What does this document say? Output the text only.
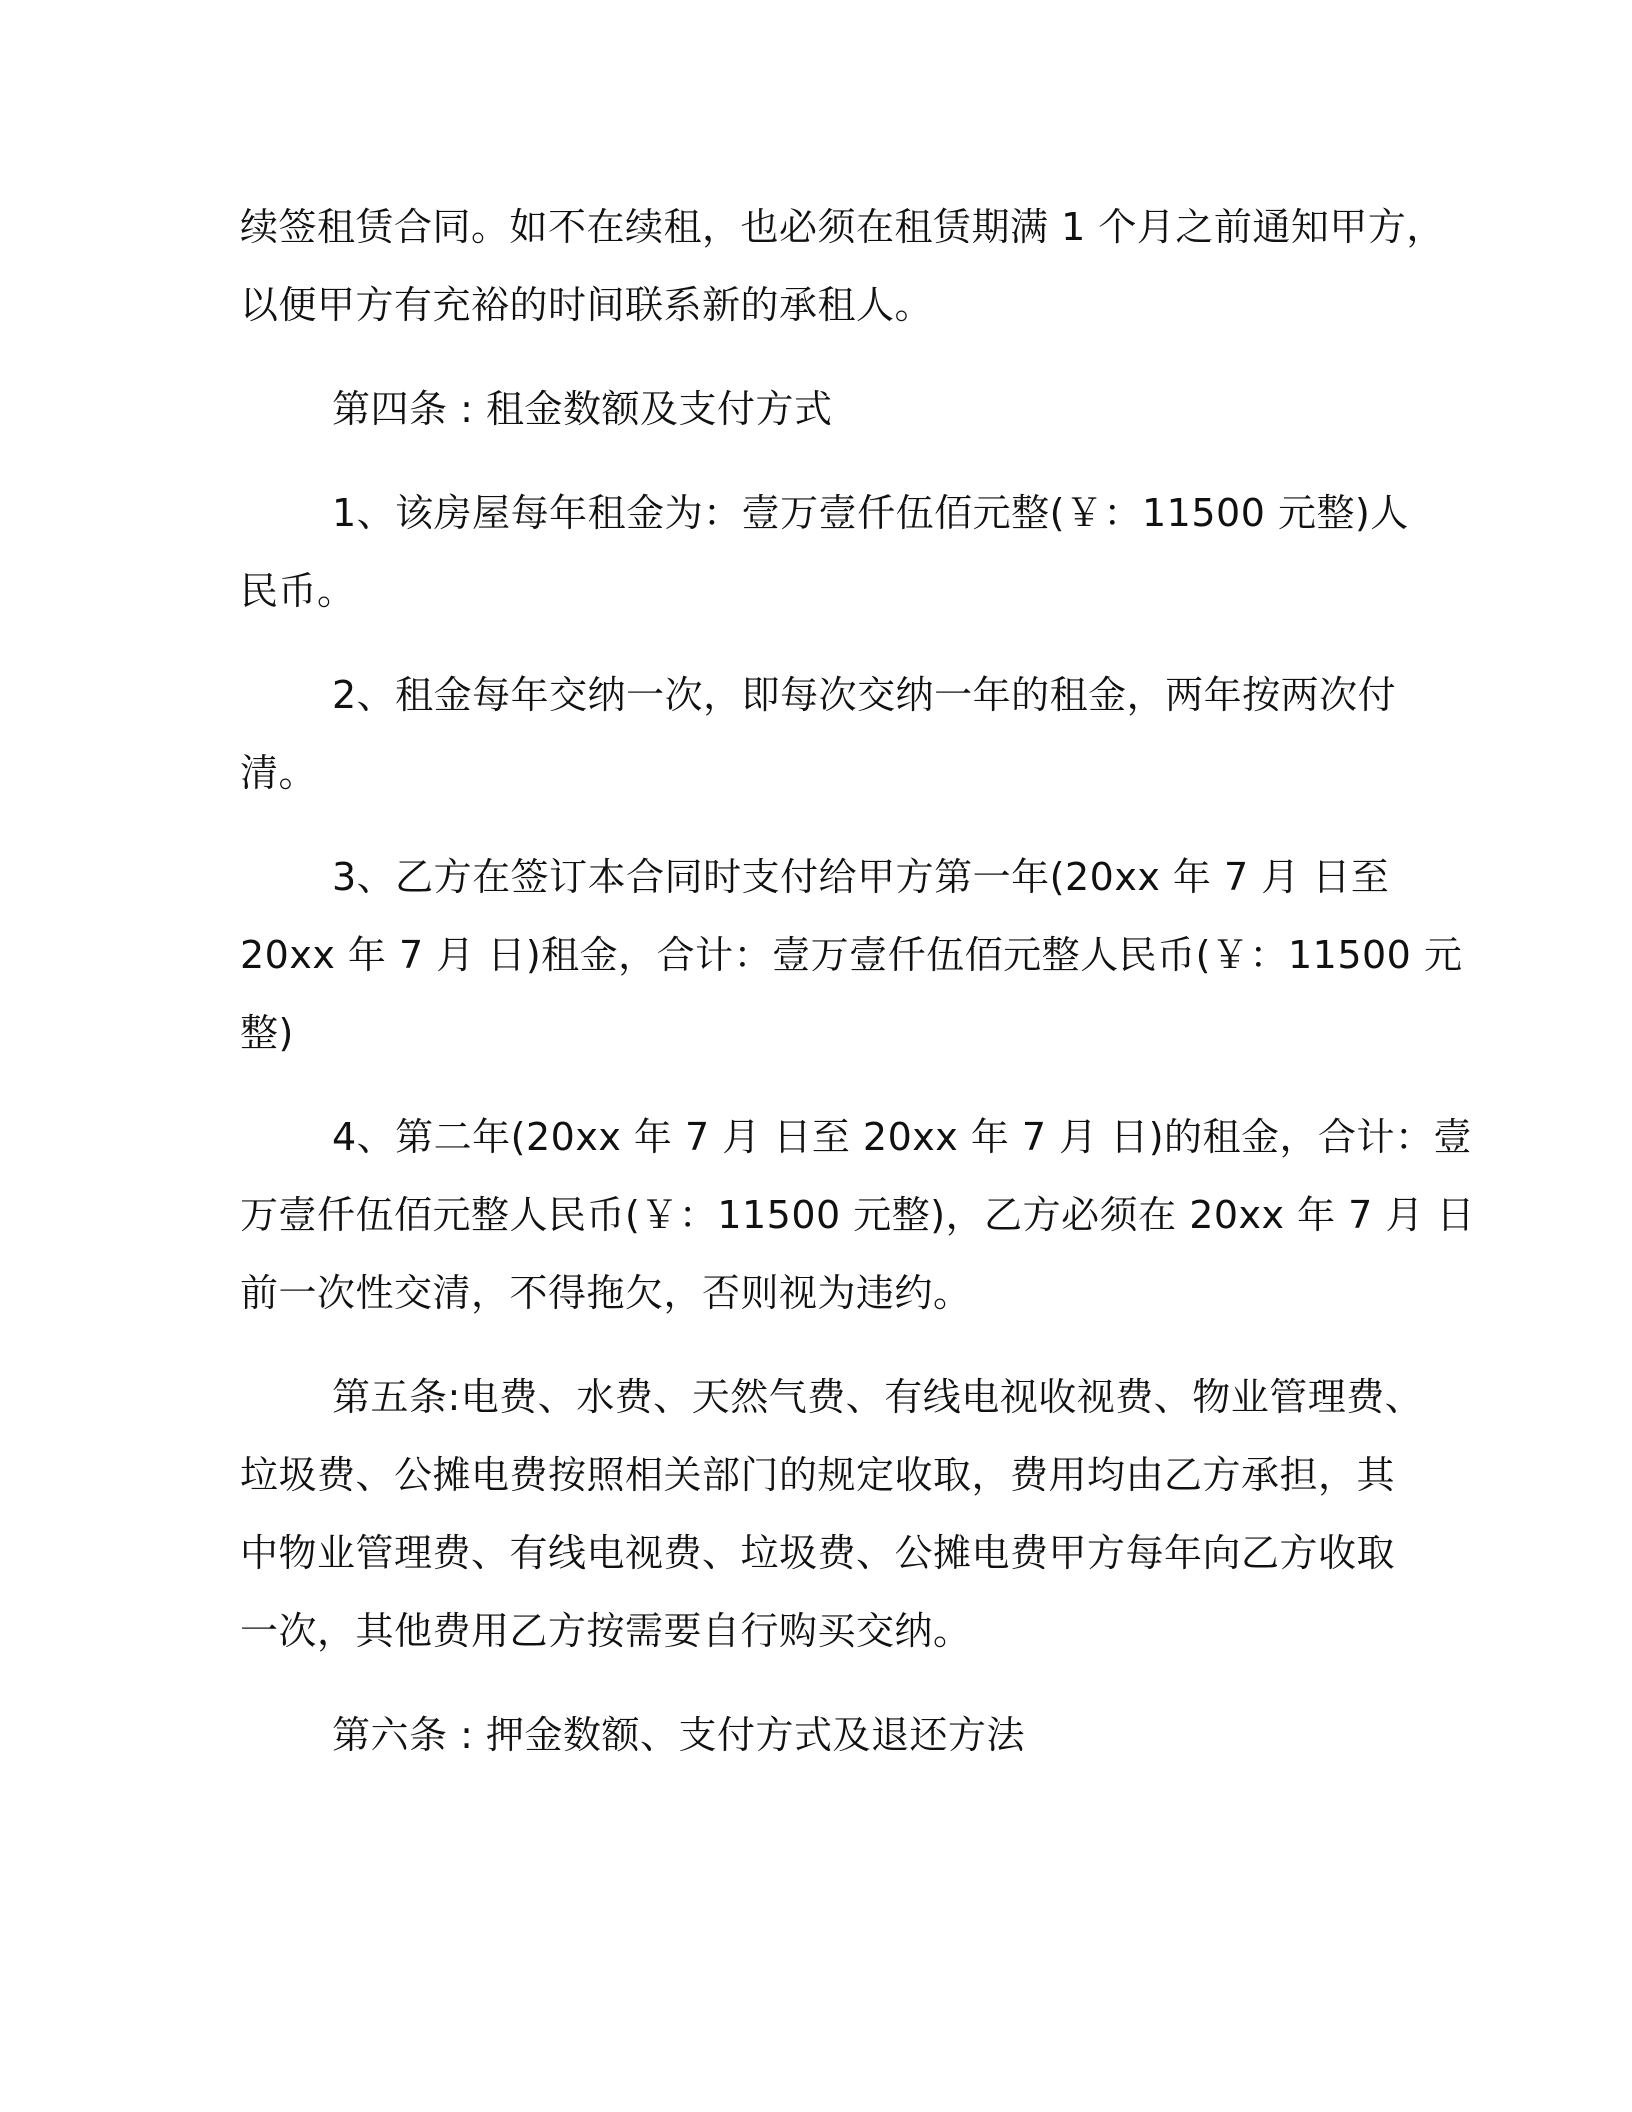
续签租赁合同。如不在续租，也必须在租赁期满 1 个月之前通知甲方，
以便甲方有充裕的时间联系新的承租人。
第四条 : 租金数额及支付方式
1、该房屋每年租金为：壹万壹仟伍佰元整(￥：11500 元整)人
民币。
2、租金每年交纳一次，即每次交纳一年的租金，两年按两次付
清。
3、乙方在签订本合同时支付给甲方第一年(20xx 年 7 月 日至
20xx 年 7 月 日)租金，合计：壹万壹仟伍佰元整人民币(￥：11500 元
整)
4、第二年(20xx 年 7 月 日至 20xx 年 7 月 日)的租金，合计：壹
万壹仟伍佰元整人民币(￥：11500 元整)，乙方必须在 20xx 年 7 月 日
前一次性交清，不得拖欠，否则视为违约。
第五条:电费、水费、天然气费、有线电视收视费、物业管理费、
垃圾费、公摊电费按照相关部门的规定收取，费用均由乙方承担，其
中物业管理费、有线电视费、垃圾费、公摊电费甲方每年向乙方收取
一次，其他费用乙方按需要自行购买交纳。
第六条 : 押金数额、支付方式及退还方法
